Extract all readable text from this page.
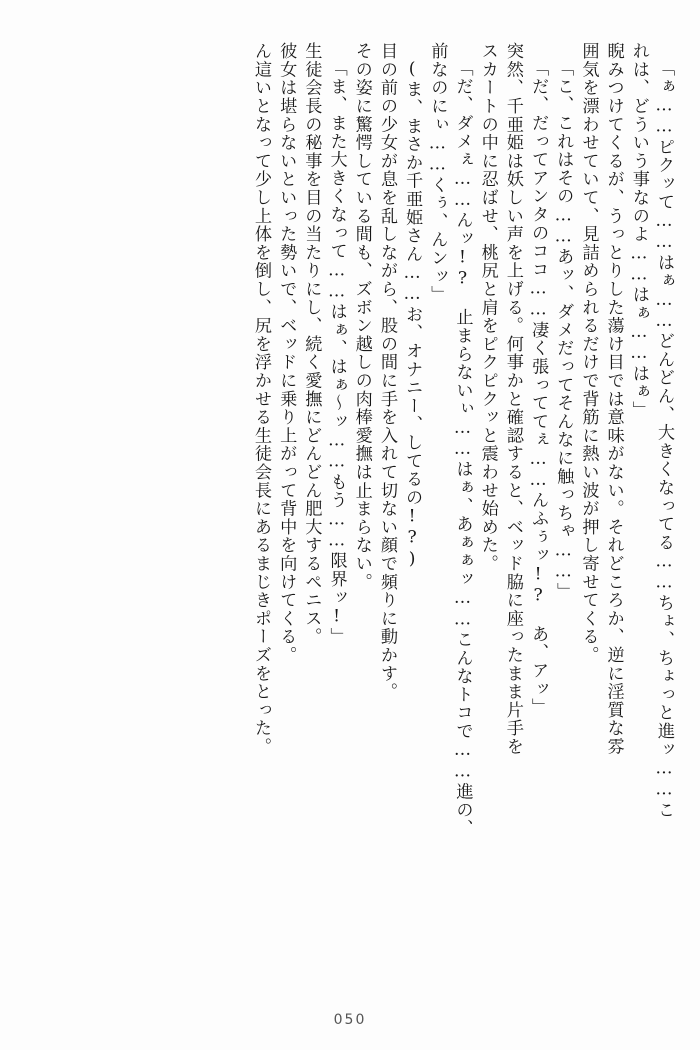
「ぁ……ピクッて……はぁ……どんどん、大きくなってる……ちょ、ちょっと進ッ……こ
れは、どういう事なのよ……はぁ……はぁ」
睨みつけてくるが、うっとりした蕩け目では意味がない。それどころか、逆に淫質な雰
囲気を漂わせていて、見詰められるだけで背筋に熱い波が押し寄せてくる。
「こ、これはその……あッ、ダメだってそんなに触っちゃ……」
「だ、だってアンタのココ……凄く張っててぇ……んふぅッ!?　あ、アッ」
突然、千亜姫は妖しい声を上げる。何事かと確認すると、ベッド脇に座ったまま片手を
スカートの中に忍ばせ、桃尻と肩をピクピクッと震わせ始めた。
「だ、ダメぇ……んッ!?　止まらないぃ……はぁ、あぁぁッ……こんなトコで……進の、
前なのにぃ……くぅ、んンッ」
(ま、まさか千亜姫さん……お、オナニー、してるの!?)
目の前の少女が息を乱しながら、股の間に手を入れて切ない顔で頻りに動かす。
その姿に驚愕している間も、ズボン越しの肉棒愛撫は止まらない。
「ま、また大きくなって……はぁ、はぁ〜ッ……もう……限界ッ!」
生徒会長の秘事を目の当たりにし、続く愛撫にどんどん肥大するペニス。
彼女は堪らないといった勢いで、ベッドに乗り上がって背中を向けてくる。
ん這いとなって少し上体を倒し、尻を浮かせる生徒会長にあるまじきポーズをとった。
050
